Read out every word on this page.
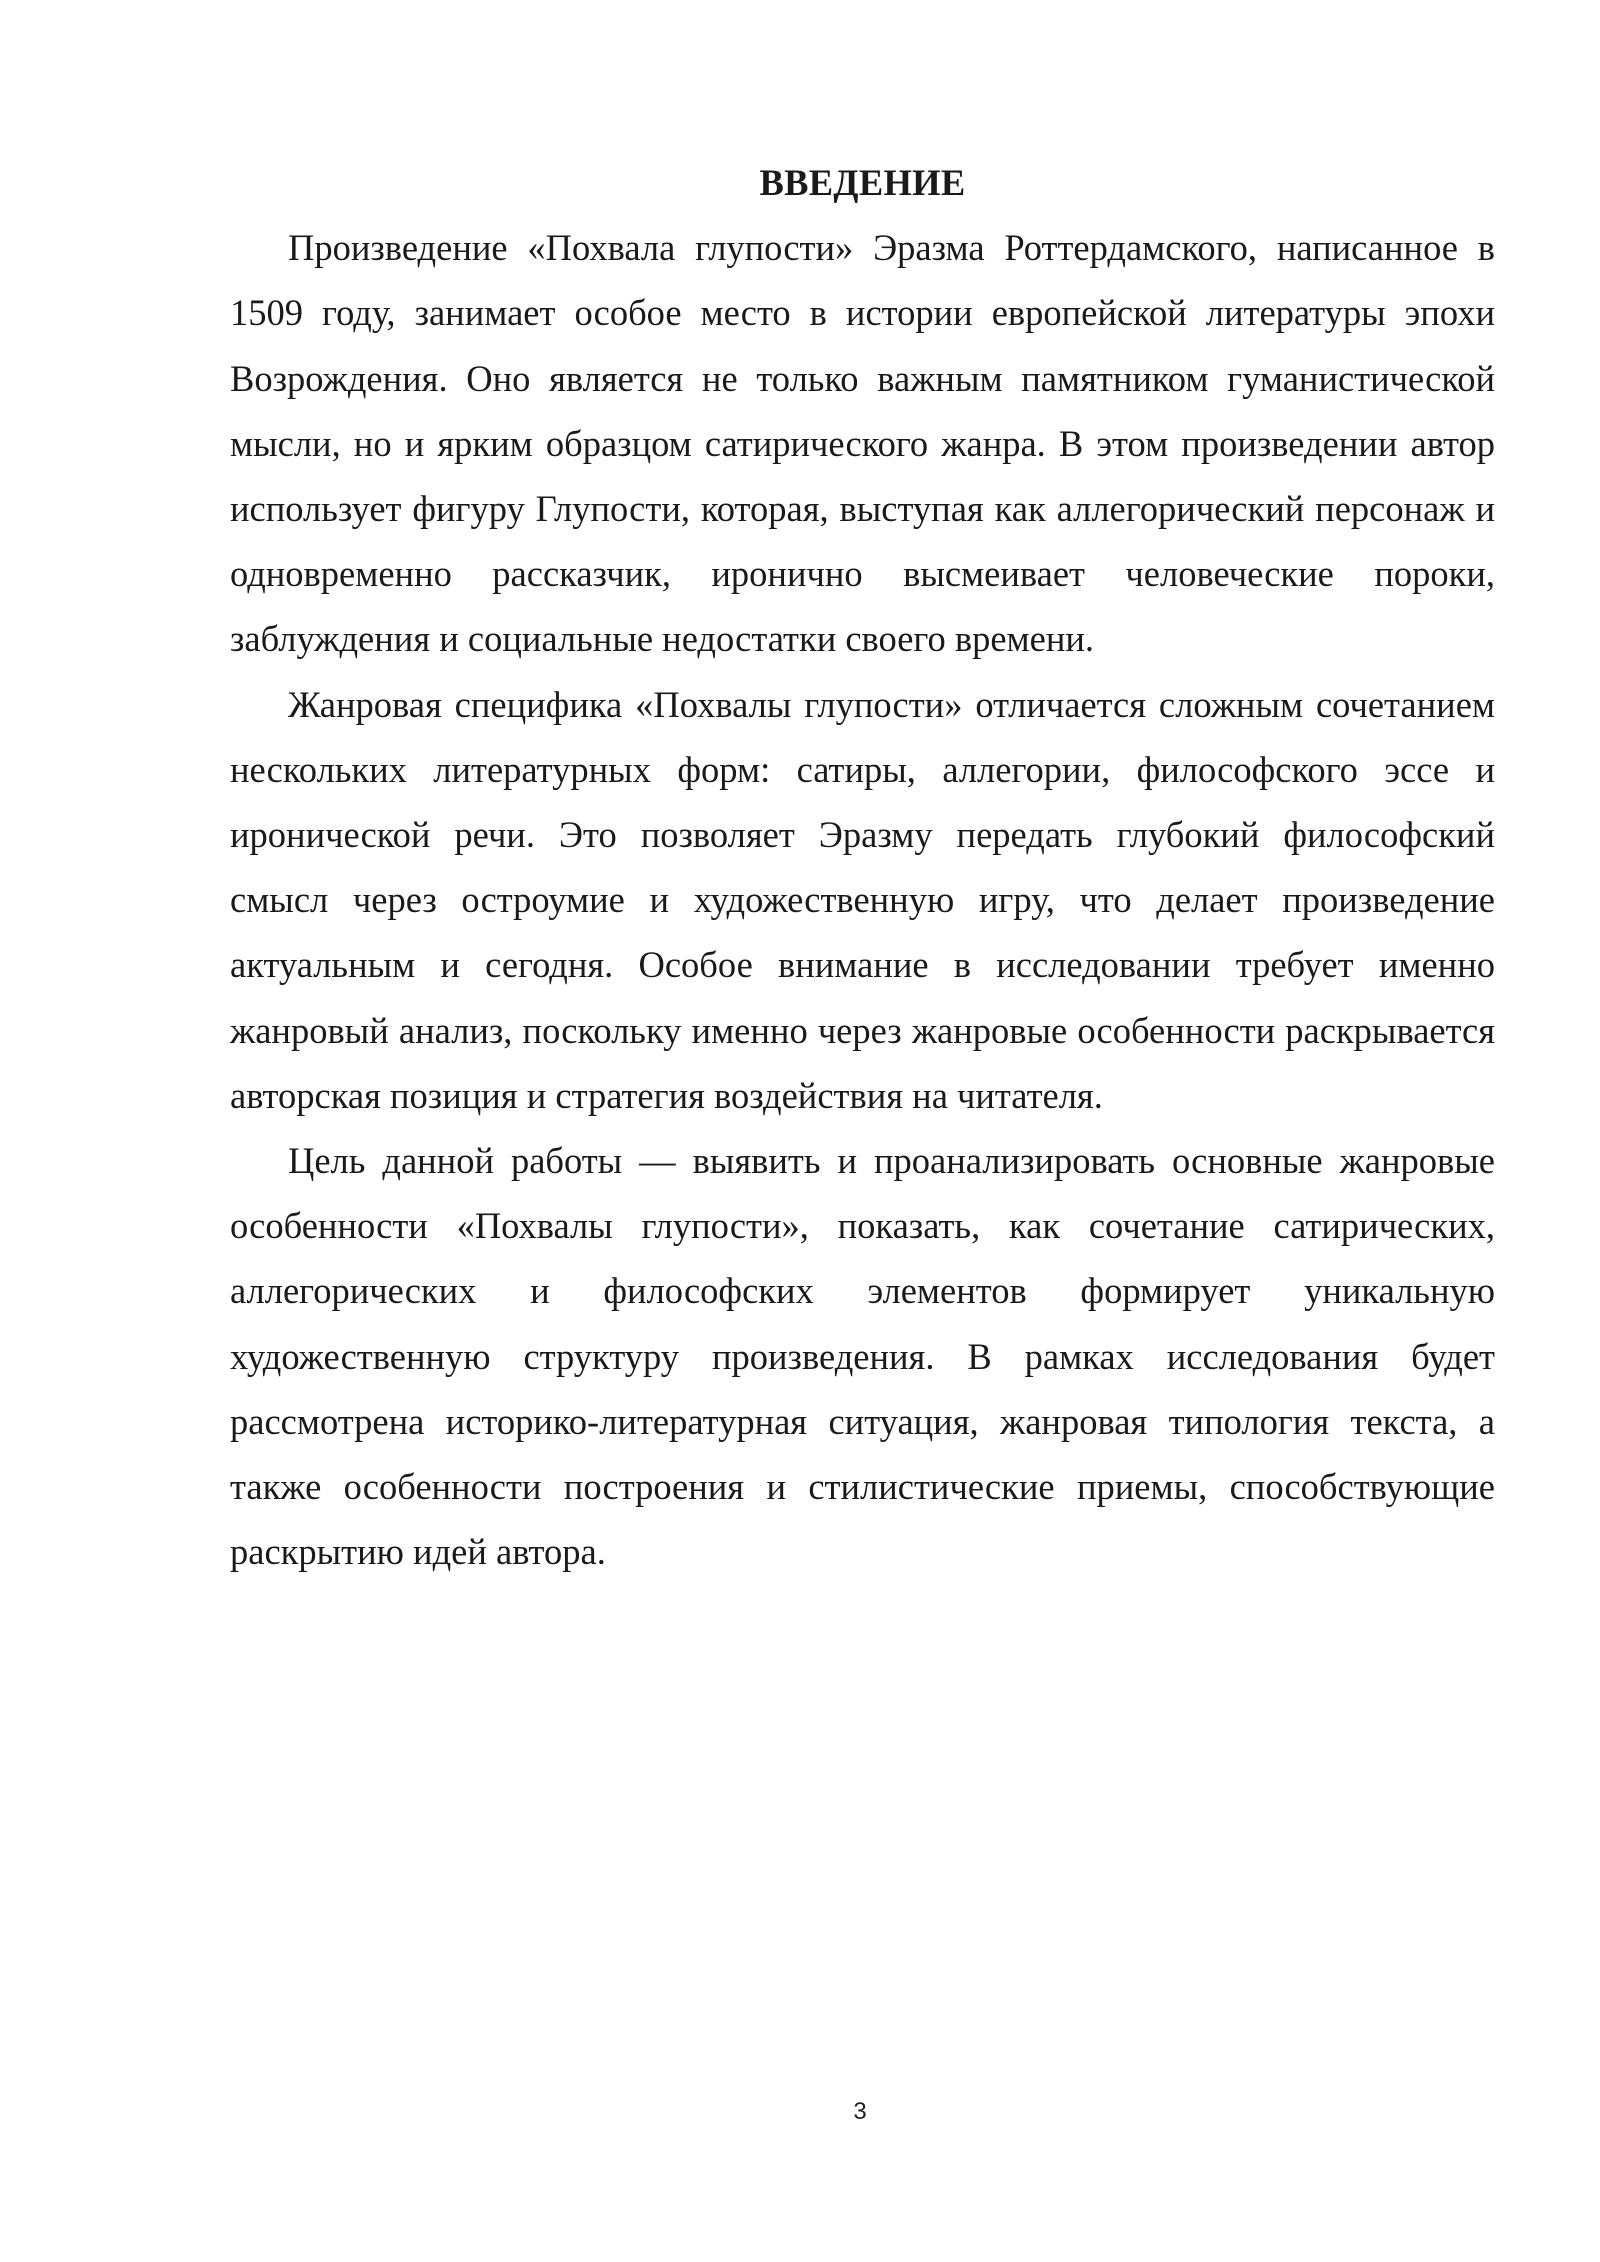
ВВЕДЕНИЕ

Произведение «Похвала глупости» Эразма Роттердамского, написанное в 1509 году, занимает особое место в истории европейской литературы эпохи Возрождения. Оно является не только важным памятником гуманистической мысли, но и ярким образцом сатирического жанра. В этом произведении автор использует фигуру Глупости, которая, выступая как аллегорический персонаж и одновременно рассказчик, иронично высмеивает человеческие пороки, заблуждения и социальные недостатки своего времени.

Жанровая специфика «Похвалы глупости» отличается сложным сочетанием нескольких литературных форм: сатиры, аллегории, философского эссе и иронической речи. Это позволяет Эразму передать глубокий философский смысл через остроумие и художественную игру, что делает произведение актуальным и сегодня. Особое внимание в исследовании требует именно жанровый анализ, поскольку именно через жанровые особенности раскрывается авторская позиция и стратегия воздействия на читателя.

Цель данной работы — выявить и проанализировать основные жанровые особенности «Похвалы глупости», показать, как сочетание сатирических, аллегорических и философских элементов формирует уникальную художественную структуру произведения. В рамках исследования будет рассмотрена историко-литературная ситуация, жанровая типология текста, а также особенности построения и стилистические приемы, способствующие раскрытию идей автора.

3
